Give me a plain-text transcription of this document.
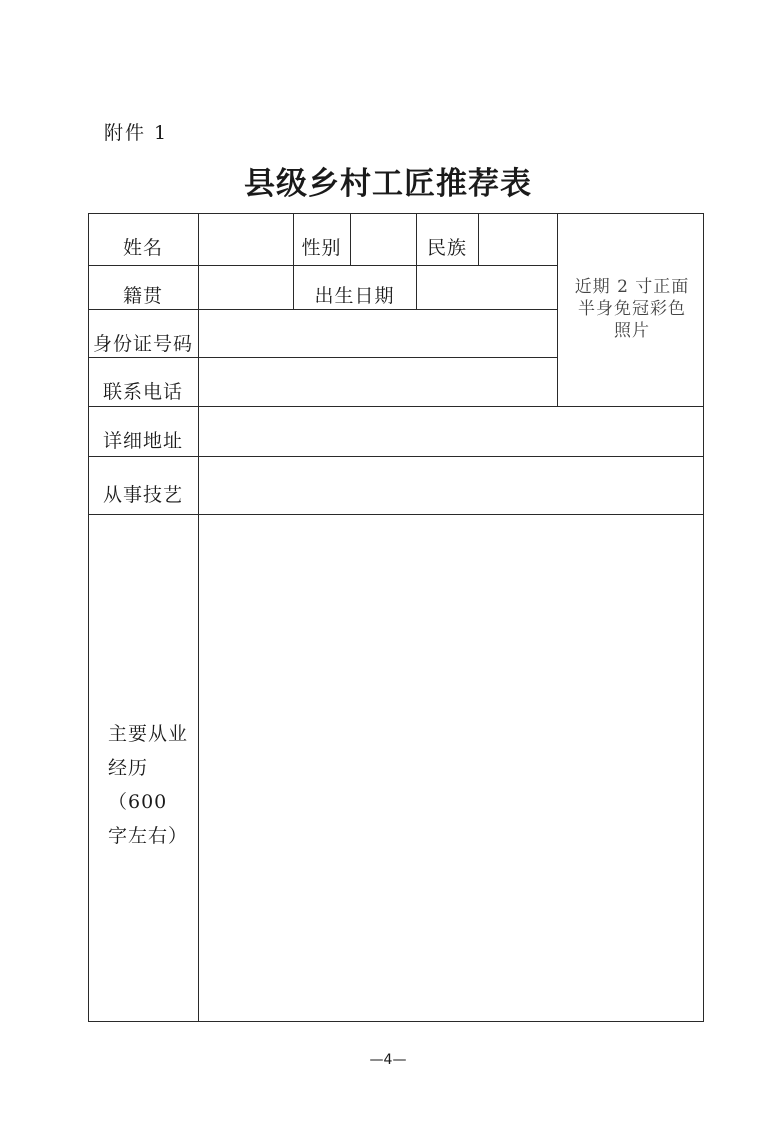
附件 1
县级乡村工匠推荐表
姓名	性别	民族
籍贯	出生日期
身份证号码
联系电话
近期 2 寸正面
半身免冠彩色
照片
详细地址
从事技艺
主要从业
经历（600
字左右）
—4—
